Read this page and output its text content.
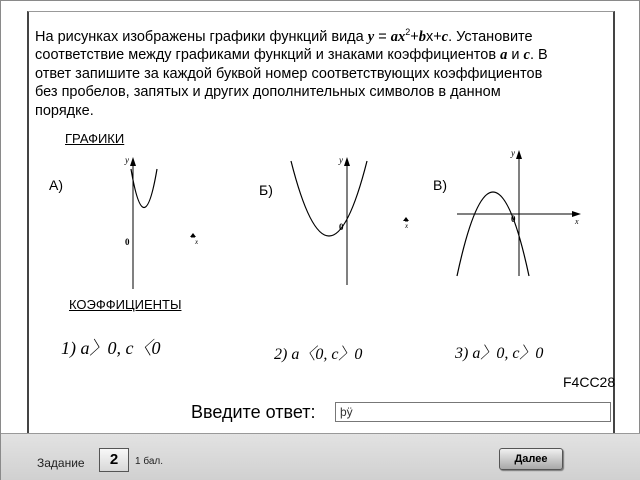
На рисунках изображены графики функций вида $y = ax^2+bx+c$. Установите соответствие между графиками функций и знаками коэффициентов a и c. В ответ запишите за каждой буквой номер соответствующих коэффициентов без пробелов, запятых и других дополнительных символов в данном порядке.
ГРАФИКИ
А)	Б)	В)
y
0	x
y
0	x
y
x
0
КОЭФФИЦИЕНТЫ
1) a〉0, c〈0	2) a〈0, c〉0	3) a〉0, c〉0
F4CC28
Введите ответ:
þÿ
Задание	2	1 бал.	Далее
